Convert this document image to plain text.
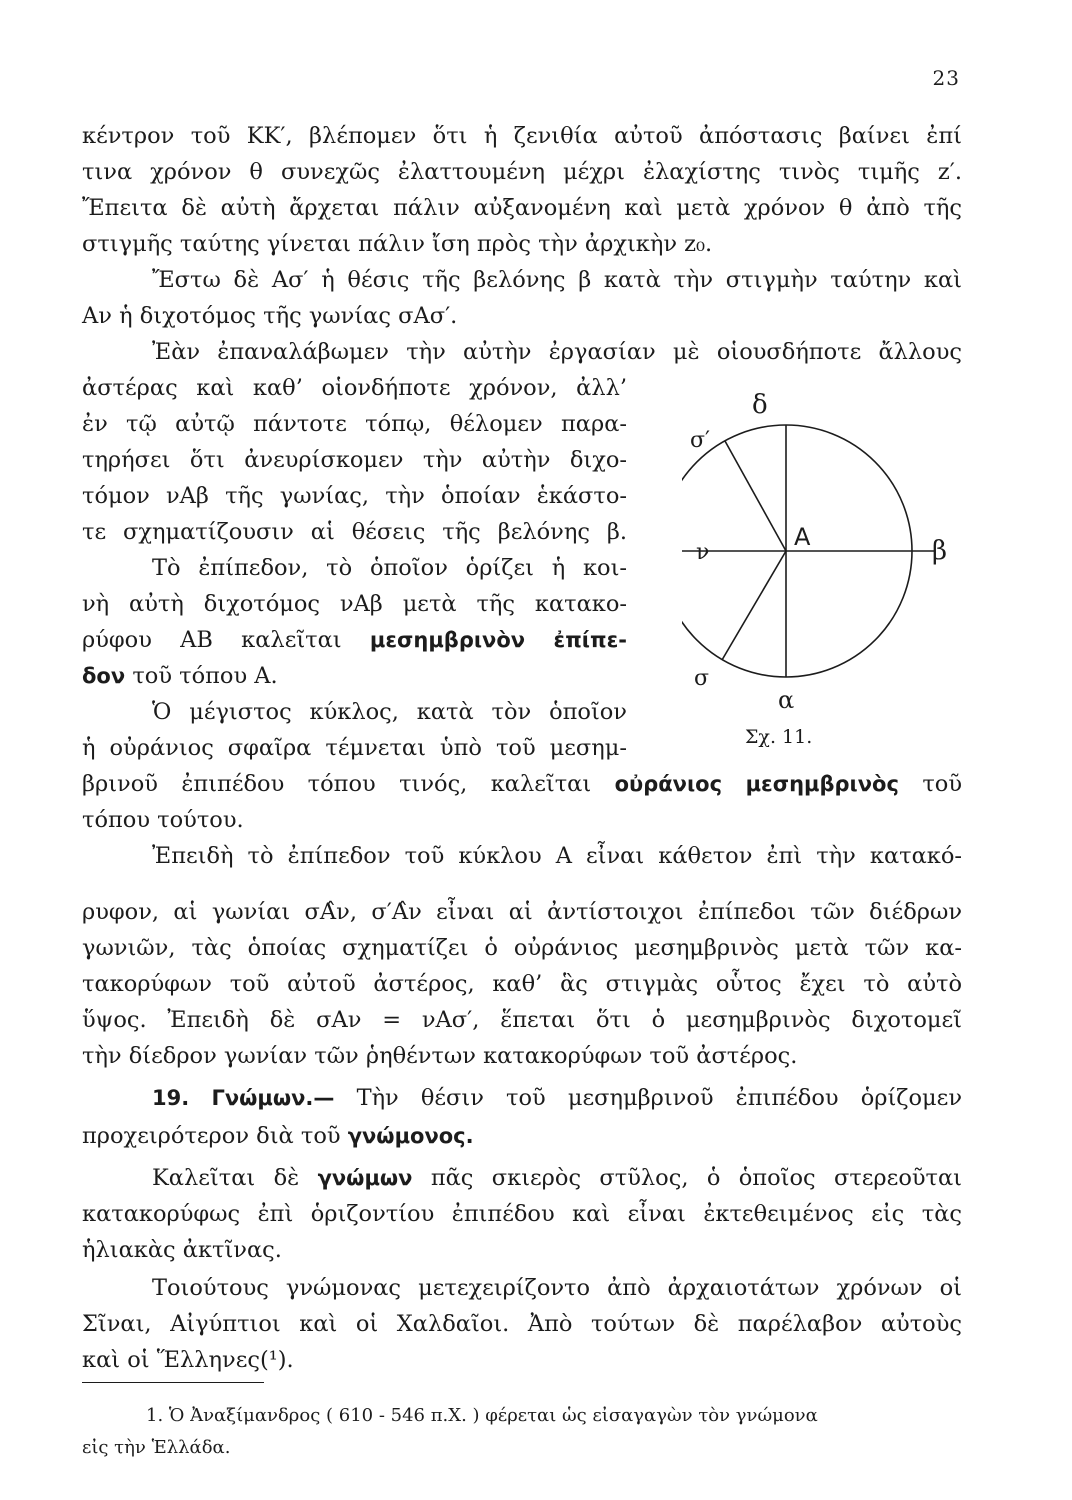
23
κέντρον τοῦ ΚΚ′, βλέπομεν ὅτι ἡ ζενιθία αὐτοῦ ἀπόστασις βαίνει ἐπί
τινα χρόνον θ συνεχῶς ἐλαττουμένη μέχρι ἐλαχίστης τινὸς τιμῆς z′.
Ἔπειτα δὲ αὐτὴ ἄρχεται πάλιν αὐξανομένη καὶ μετὰ χρόνον θ ἀπὸ τῆς
στιγμῆς ταύτης γίνεται πάλιν ἴση πρὸς τὴν ἀρχικὴν z₀.
Ἔστω δὲ Ασ′ ἡ θέσις τῆς βελόνης β κατὰ τὴν στιγμὴν ταύτην καὶ
Αν ἡ διχοτόμος τῆς γωνίας σΑσ′.
Ἐὰν ἐπαναλάβωμεν τὴν αὐτὴν ἐργασίαν μὲ οἱουσδήποτε ἄλλους
ἀστέρας καὶ καθ’ οἱονδήποτε χρόνον, ἀλλ’
ἐν τῷ αὐτῷ πάντοτε τόπῳ, θέλομεν παρα-
τηρήσει ὅτι ἀνευρίσκομεν τὴν αὐτὴν διχο-
τόμον νΑβ τῆς γωνίας, τὴν ὁποίαν ἑκάστο-
τε σχηματίζουσιν αἱ θέσεις τῆς βελόνης β.
Τὸ ἐπίπεδον, τὸ ὁποῖον ὁρίζει ἡ κοι-
νὴ αὐτὴ διχοτόμος νΑβ μετὰ τῆς κατακο-
ρύφου ΑΒ καλεῖται μεσημβρινὸν ἐπίπε-
δον τοῦ τόπου Α.
Ὁ μέγιστος κύκλος, κατὰ τὸν ὁποῖον
ἡ οὐράνιος σφαῖρα τέμνεται ὑπὸ τοῦ μεσημ-
βρινοῦ ἐπιπέδου τόπου τινός, καλεῖται οὐράνιος μεσημβρινὸς τοῦ
τόπου τούτου.
Ἐπειδὴ τὸ ἐπίπεδον τοῦ κύκλου Α εἶναι κάθετον ἐπὶ τὴν κατακό-
ρυφον, αἱ γωνίαι σΑ̂ν, σ′Α̂ν εἶναι αἱ ἀντίστοιχοι ἐπίπεδοι τῶν διέδρων
γωνιῶν, τὰς ὁποίας σχηματίζει ὁ οὐράνιος μεσημβρινὸς μετὰ τῶν κα-
τακορύφων τοῦ αὐτοῦ ἀστέρος, καθ’ ἃς στιγμὰς οὗτος ἔχει τὸ αὐτὸ
ὕψος. Ἐπειδὴ δὲ σΑν = νΑσ′, ἕπεται ὅτι ὁ μεσημβρινὸς διχοτομεῖ
τὴν δίεδρον γωνίαν τῶν ῥηθέντων κατακορύφων τοῦ ἀστέρος.
19. Γνώμων.— Τὴν θέσιν τοῦ μεσημβρινοῦ ἐπιπέδου ὁρίζομεν
προχειρότερον διὰ τοῦ γνώμονος.
Καλεῖται δὲ γνώμων πᾶς σκιερὸς στῦλος, ὁ ὁποῖος στερεοῦται
κατακορύφως ἐπὶ ὁριζοντίου ἐπιπέδου καὶ εἶναι ἐκτεθειμένος εἰς τὰς
ἡλιακὰς ἀκτῖνας.
Τοιούτους γνώμονας μετεχειρίζοντο ἀπὸ ἀρχαιοτάτων χρόνων οἱ
Σῖναι, Αἰγύπτιοι καὶ οἱ Χαλδαῖοι. Ἀπὸ τούτων δὲ παρέλαβον αὐτοὺς
καὶ οἱ Ἕλληνες(¹).
δ
σ′
ν
Α	β
σ
α
Σχ. 11.
1. Ὁ Ἀναξίμανδρος ( 610 - 546 π.Χ. ) φέρεται ὡς εἰσαγαγὼν τὸν γνώμονα
εἰς τὴν Ἑλλάδα.
